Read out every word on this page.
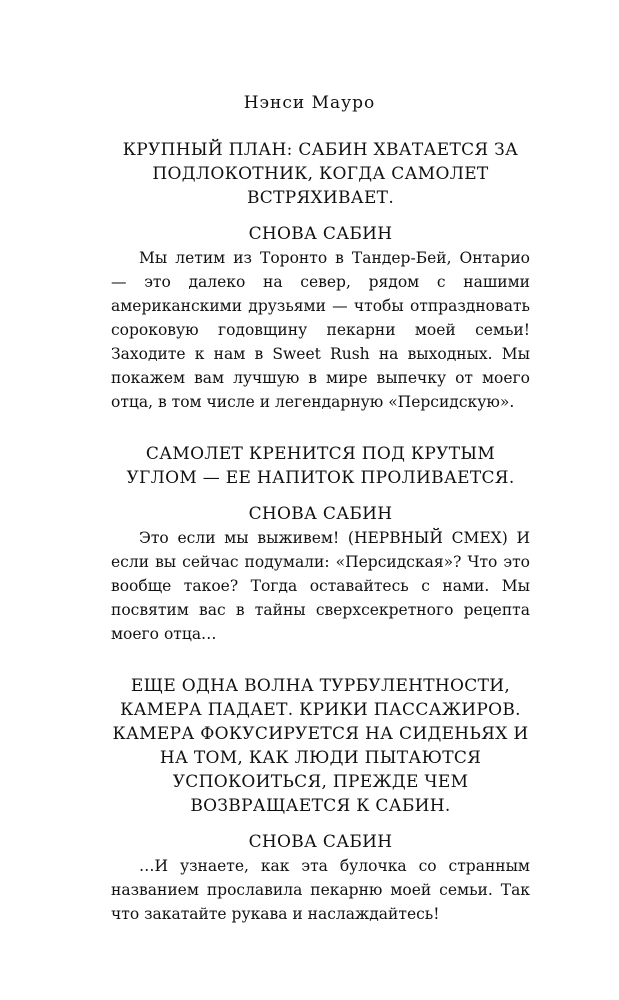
Нэнси Мауро

КРУПНЫЙ ПЛАН: САБИН ХВАТАЕТСЯ ЗА ПОДЛОКОТНИК, КОГДА САМОЛЕТ ВСТРЯХИВАЕТ.

СНОВА САБИН

Мы летим из Торонто в Тандер-Бей, Онтарио — это далеко на север, рядом с нашими американскими друзьями — чтобы отпраздновать сороковую годовщину пекарни моей семьи! Заходите к нам в Sweet Rush на выходных. Мы покажем вам лучшую в мире выпечку от моего отца, в том числе и легендарную «Персидскую».

САМОЛЕТ КРЕНИТСЯ ПОД КРУТЫМ УГЛОМ — ЕЕ НАПИТОК ПРОЛИВАЕТСЯ.

СНОВА САБИН

Это если мы выживем! (НЕРВНЫЙ СМЕХ) И если вы сейчас подумали: «Персидская»? Что это вообще такое? Тогда оставайтесь с нами. Мы посвятим вас в тайны сверхсекретного рецепта моего отца…

ЕЩЕ ОДНА ВОЛНА ТУРБУЛЕНТНОСТИ, КАМЕРА ПАДАЕТ. КРИКИ ПАССАЖИРОВ. КАМЕРА ФОКУСИРУЕТСЯ НА СИДЕНЬЯХ И НА ТОМ, КАК ЛЮДИ ПЫТАЮТСЯ УСПОКОИТЬСЯ, ПРЕЖДЕ ЧЕМ ВОЗВРАЩАЕТСЯ К САБИН.

СНОВА САБИН

…И узнаете, как эта булочка со странным названием прославила пекарню моей семьи. Так что закатайте рукава и наслаждайтесь!
